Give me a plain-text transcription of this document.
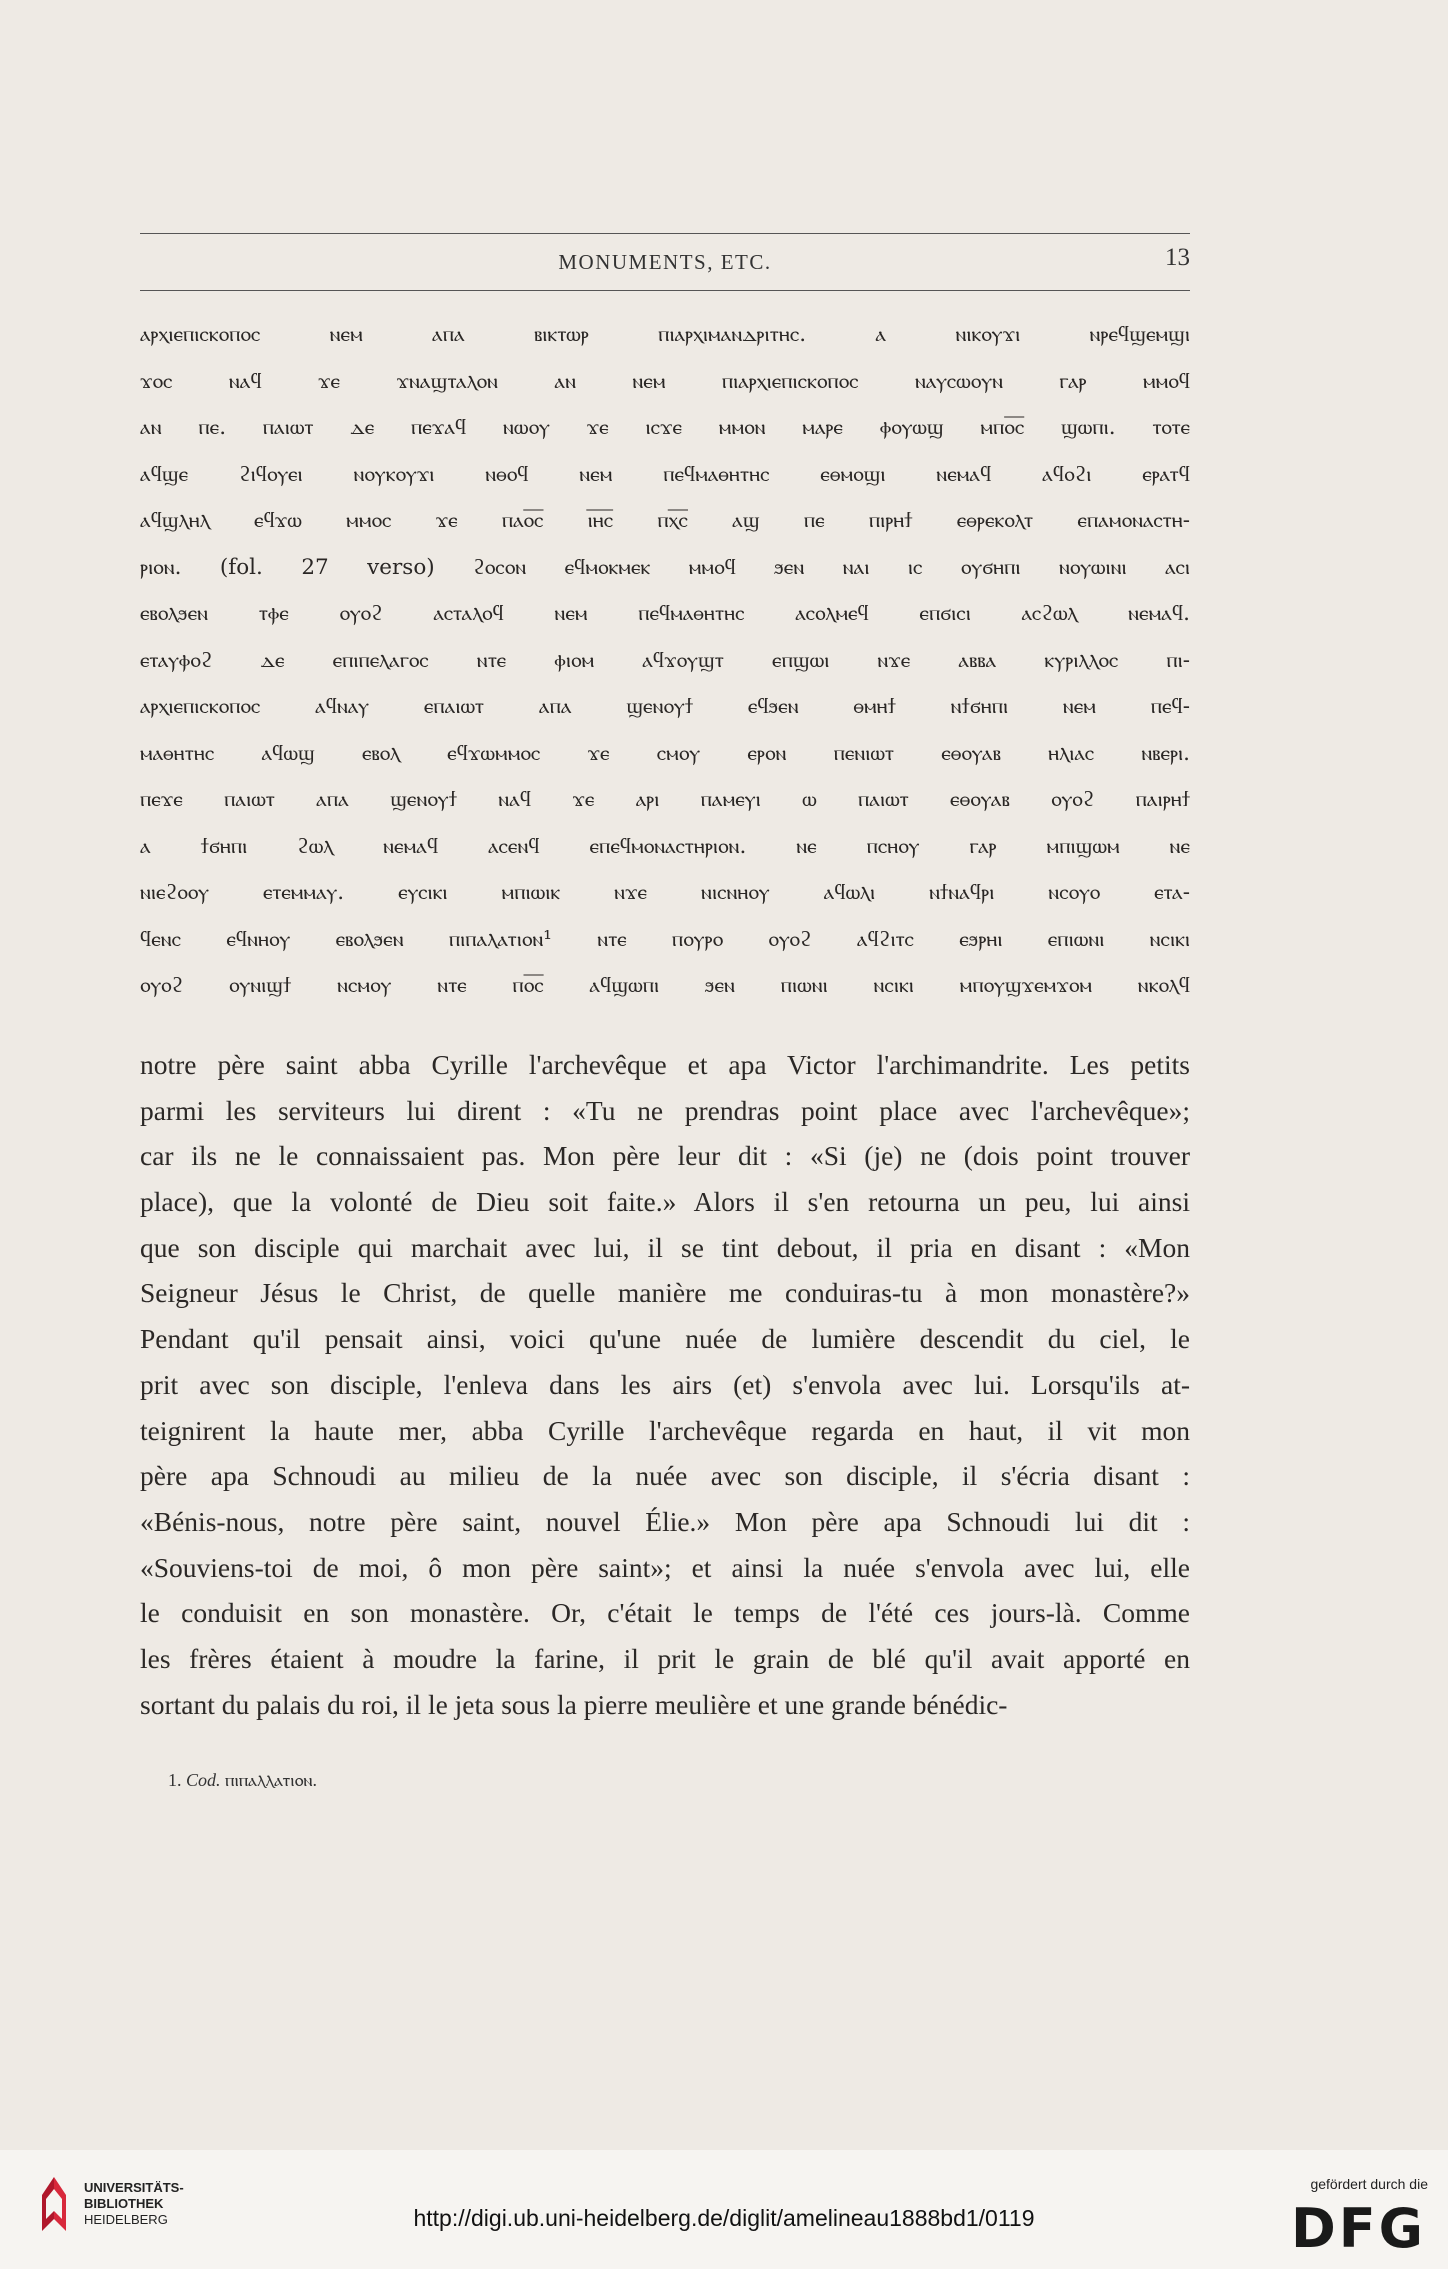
MONUMENTS, ETC.	13
ⲁⲣⲭⲓⲉⲡⲓⲥⲕⲟⲡⲟⲥ ⲛⲉⲙ ⲁⲡⲁ ⲃⲓⲕⲧⲱⲣ ⲡⲓⲁⲣⲭⲓⲙⲁⲛⲇⲣⲓⲧⲏⲥ. ⲁ ⲛⲓⲕⲟⲩϫⲓ ⲛⲣⲉϥϣⲉⲙϣⲓ
ϫⲟⲥ ⲛⲁϥ ϫⲉ ϫⲛⲁϣⲧⲁⲗⲟⲛ ⲁⲛ ⲛⲉⲙ ⲡⲓⲁⲣⲭⲓⲉⲡⲓⲥⲕⲟⲡⲟⲥ ⲛⲁⲩⲥⲱⲟⲩⲛ ⲅⲁⲣ ⲙⲙⲟϥ
ⲁⲛ ⲡⲉ. ⲡⲁⲓⲱⲧ ⲇⲉ ⲡⲉϫⲁϥ ⲛⲱⲟⲩ ϫⲉ ⲓⲥϫⲉ ⲙⲙⲟⲛ ⲙⲁⲣⲉ ⲫⲟⲩⲱϣ ⲙⲡⲟ̅ⲥ̅ ϣⲱⲡⲓ. ⲧⲟⲧⲉ
ⲁϥϣⲉ ϩⲓϥⲟⲩⲉⲓ ⲛⲟⲩⲕⲟⲩϫⲓ ⲛⲑⲟϥ ⲛⲉⲙ ⲡⲉϥⲙⲁⲑⲏⲧⲏⲥ ⲉⲑⲙⲟϣⲓ ⲛⲉⲙⲁϥ ⲁϥⲟϩⲓ ⲉⲣⲁⲧϥ
ⲁϥϣⲗⲏⲗ ⲉϥϫⲱ ⲙⲙⲟⲥ ϫⲉ ⲡⲁⲟ̅ⲥ̅ ⲓ̅ⲏ̅ⲥ̅ ⲡⲭ̅ⲥ̅ ⲁϣ ⲡⲉ ⲡⲓⲣⲏϯ ⲉⲑⲣⲉⲕⲟⲗⲧ ⲉⲡⲁⲙⲟⲛⲁⲥⲧⲏ-
ⲣⲓⲟⲛ. (fol. 27 verso) ϩⲟⲥⲟⲛ ⲉϥⲙⲟⲕⲙⲉⲕ ⲙⲙⲟϥ ϧⲉⲛ ⲛⲁⲓ ⲓⲥ ⲟⲩϭⲏⲡⲓ ⲛⲟⲩⲱⲓⲛⲓ ⲁⲥⲓ
ⲉⲃⲟⲗϧⲉⲛ ⲧⲫⲉ ⲟⲩⲟϩ ⲁⲥⲧⲁⲗⲟϥ ⲛⲉⲙ ⲡⲉϥⲙⲁⲑⲏⲧⲏⲥ ⲁⲥⲟⲗⲙⲉϥ ⲉⲡϭⲓⲥⲓ ⲁⲥϩⲱⲗ ⲛⲉⲙⲁϥ.
ⲉⲧⲁⲩⲫⲟϩ ⲇⲉ ⲉⲡⲓⲡⲉⲗⲁⲅⲟⲥ ⲛⲧⲉ ⲫⲓⲟⲙ ⲁϥϫⲟⲩϣⲧ ⲉⲡϣⲱⲓ ⲛϫⲉ ⲁⲃⲃⲁ ⲕⲩⲣⲓⲗⲗⲟⲥ ⲡⲓ-
ⲁⲣⲭⲓⲉⲡⲓⲥⲕⲟⲡⲟⲥ ⲁϥⲛⲁⲩ ⲉⲡⲁⲓⲱⲧ ⲁⲡⲁ ϣⲉⲛⲟⲩϯ ⲉϥϧⲉⲛ ⲑⲙⲏϯ ⲛϯϭⲏⲡⲓ ⲛⲉⲙ ⲡⲉϥ-
ⲙⲁⲑⲏⲧⲏⲥ ⲁϥⲱϣ ⲉⲃⲟⲗ ⲉϥϫⲱⲙⲙⲟⲥ ϫⲉ ⲥⲙⲟⲩ ⲉⲣⲟⲛ ⲡⲉⲛⲓⲱⲧ ⲉⲑⲟⲩⲁⲃ ⲏⲗⲓⲁⲥ ⲛⲃⲉⲣⲓ.
ⲡⲉϫⲉ ⲡⲁⲓⲱⲧ ⲁⲡⲁ ϣⲉⲛⲟⲩϯ ⲛⲁϥ ϫⲉ ⲁⲣⲓ ⲡⲁⲙⲉⲩⲓ ⲱ ⲡⲁⲓⲱⲧ ⲉⲑⲟⲩⲁⲃ ⲟⲩⲟϩ ⲡⲁⲓⲣⲏϯ
ⲁ ϯϭⲏⲡⲓ ϩⲱⲗ ⲛⲉⲙⲁϥ ⲁⲥⲉⲛϥ ⲉⲡⲉϥⲙⲟⲛⲁⲥⲧⲏⲣⲓⲟⲛ. ⲛⲉ ⲡⲥⲏⲟⲩ ⲅⲁⲣ ⲙⲡⲓϣⲱⲙ ⲛⲉ
ⲛⲓⲉϩⲟⲟⲩ ⲉⲧⲉⲙⲙⲁⲩ. ⲉⲩⲥⲓⲕⲓ ⲙⲡⲓⲱⲓⲕ ⲛϫⲉ ⲛⲓⲥⲛⲏⲟⲩ ⲁϥⲱⲗⲓ ⲛϯⲛⲁϥⲣⲓ ⲛⲥⲟⲩⲟ ⲉⲧⲁ-
ϥⲉⲛⲥ ⲉϥⲛⲏⲟⲩ ⲉⲃⲟⲗϧⲉⲛ ⲡⲓⲡⲁⲗⲁⲧⲓⲟⲛ¹ ⲛⲧⲉ ⲡⲟⲩⲣⲟ ⲟⲩⲟϩ ⲁϥϩⲓⲧⲥ ⲉϧⲣⲏⲓ ⲉⲡⲓⲱⲛⲓ ⲛⲥⲓⲕⲓ
ⲟⲩⲟϩ ⲟⲩⲛⲓϣϯ ⲛⲥⲙⲟⲩ ⲛⲧⲉ ⲡⲟ̅ⲥ̅ ⲁϥϣⲱⲡⲓ ϧⲉⲛ ⲡⲓⲱⲛⲓ ⲛⲥⲓⲕⲓ ⲙⲡⲟⲩϣϫⲉⲙϫⲟⲙ ⲛⲕⲟⲗϥ
notre père saint abba Cyrille l'archevêque et apa Victor l'archimandrite. Les petits
parmi les serviteurs lui dirent : «Tu ne prendras point place avec l'archevêque»;
car ils ne le connaissaient pas. Mon père leur dit : «Si (je) ne (dois point trouver
place), que la volonté de Dieu soit faite.» Alors il s'en retourna un peu, lui ainsi
que son disciple qui marchait avec lui, il se tint debout, il pria en disant : «Mon
Seigneur Jésus le Christ, de quelle manière me conduiras-tu à mon monastère?»
Pendant qu'il pensait ainsi, voici qu'une nuée de lumière descendit du ciel, le
prit avec son disciple, l'enleva dans les airs (et) s'envola avec lui. Lorsqu'ils at-
teignirent la haute mer, abba Cyrille l'archevêque regarda en haut, il vit mon
père apa Schnoudi au milieu de la nuée avec son disciple, il s'écria disant :
«Bénis-nous, notre père saint, nouvel Élie.» Mon père apa Schnoudi lui dit :
«Souviens-toi de moi, ô mon père saint»; et ainsi la nuée s'envola avec lui, elle
le conduisit en son monastère. Or, c'était le temps de l'été ces jours-là. Comme
les frères étaient à moudre la farine, il prit le grain de blé qu'il avait apporté en
sortant du palais du roi, il le jeta sous la pierre meulière et une grande bénédic-
1. Cod. ⲡⲓⲡⲁⲗⲗⲁⲧⲓⲟⲛ.
UNIVERSITÄTS-
BIBLIOTHEK
HEIDELBERG	http://digi.ub.uni-heidelberg.de/diglit/amelineau1888bd1/0119
gefördert durch die
DFG
